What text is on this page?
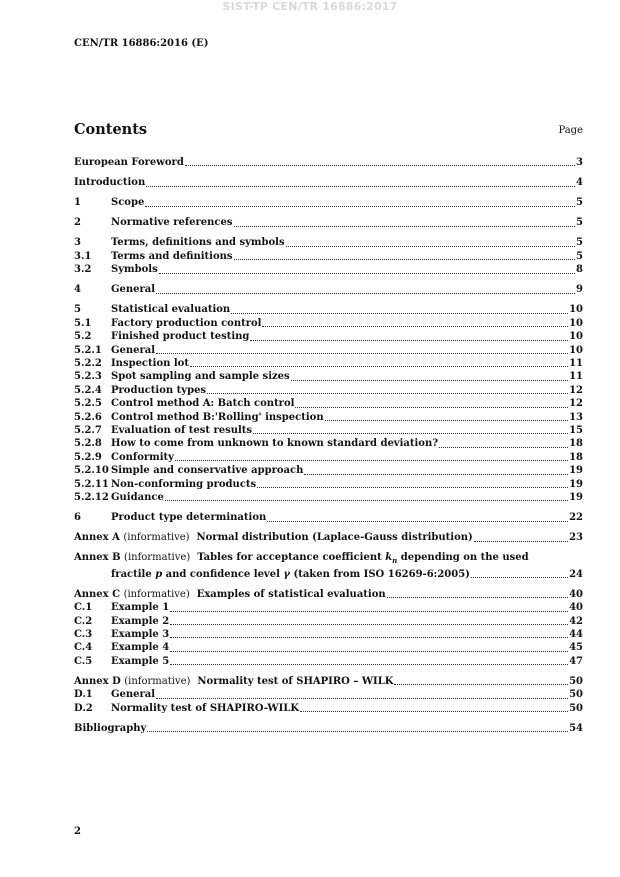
SIST-TP CEN/TR 16886:2017
CEN/TR 16886:2016 (E)
Contents	Page
European Foreword	3
Introduction	4
1	Scope	5
2	Normative references	5
3	Terms, definitions and symbols	5
3.1	Terms and definitions	5
3.2	Symbols	8
4	General	9
5	Statistical evaluation	10
5.1	Factory production control	10
5.2	Finished product testing	10
5.2.1 General	10
5.2.2 Inspection lot	11
5.2.3 Spot sampling and sample sizes	11
5.2.4 Production types	12
5.2.5 Control method A: Batch control	12
5.2.6 Control method B:'Rolling' inspection	13
5.2.7 Evaluation of test results	15
5.2.8 How to come from unknown to known standard deviation?	18
5.2.9 Conformity	18
5.2.10 Simple and conservative approach	19
5.2.11 Non-conforming products	19
5.2.12 Guidance	19
6	Product type determination	22
Annex A (informative) Normal distribution (Laplace-Gauss distribution)	23
Annex B (informative) Tables for acceptance coefficient $k_n$ depending on the used
fractile p and confidence level γ (taken from ISO 16269-6:2005)	24
Annex C (informative) Examples of statistical evaluation	40
C.1	Example 1	40
C.2	Example 2	42
C.3	Example 3	44
C.4	Example 4	45
C.5	Example 5	47
Annex D (informative) Normality test of SHAPIRO – WILK	50
D.1	General	50
D.2	Normality test of SHAPIRO-WILK	50
Bibliography	54
2
